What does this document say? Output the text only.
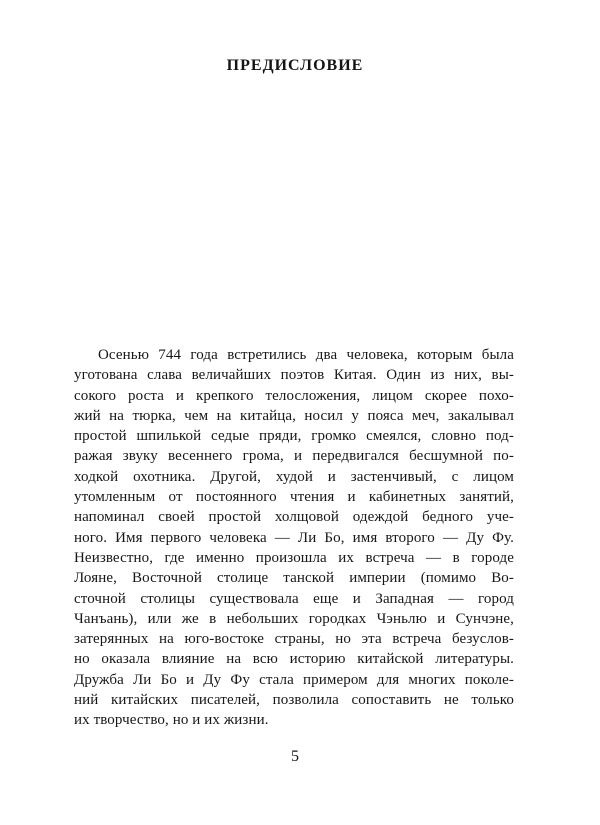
ПРЕДИСЛОВИЕ
Осенью 744 года встретились два человека, которым была
уготована слава величайших поэтов Китая. Один из них, вы-
сокого роста и крепкого телосложения, лицом скорее похо-
жий на тюрка, чем на китайца, носил у пояса меч, закалывал
простой шпилькой седые пряди, громко смеялся, словно под-
ражая звуку весеннего грома, и передвигался бесшумной по-
ходкой охотника. Другой, худой и застенчивый, с лицом
утомленным от постоянного чтения и кабинетных занятий,
напоминал своей простой холщовой одеждой бедного уче-
ного. Имя первого человека — Ли Бо, имя второго — Ду Фу.
Неизвестно, где именно произошла их встреча — в городе
Лояне, Восточной столице танской империи (помимо Во-
сточной столицы существовала еще и Западная — город
Чанъань), или же в небольших городках Чэньлю и Сунчэне,
затерянных на юго-востоке страны, но эта встреча безуслов-
но оказала влияние на всю историю китайской литературы.
Дружба Ли Бо и Ду Фу стала примером для многих поколе-
ний китайских писателей, позволила сопоставить не только
их творчество, но и их жизни.
5
